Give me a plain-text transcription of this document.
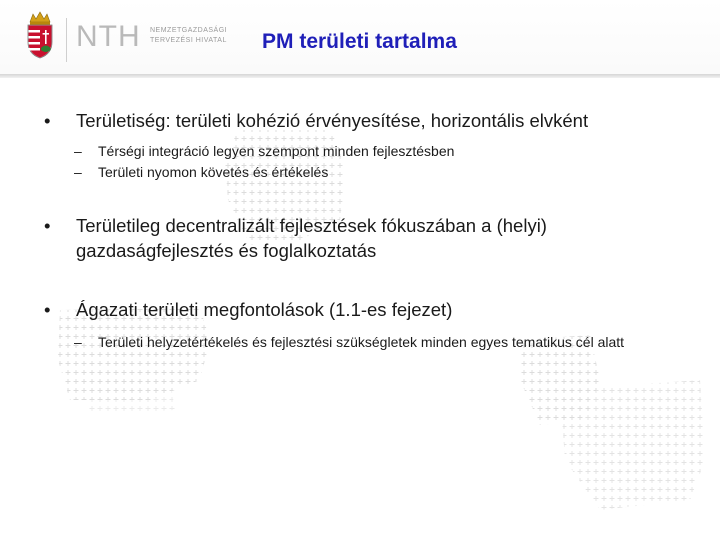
NTH NEMZETGAZDASÁGI
TERVEZÉSI HIVATAL	PM területi tartalma
• Területiség: területi kohézió érvényesítése, horizontális elvként
– Térségi integráció legyen szempont minden fejlesztésben
– Területi nyomon követés és értékelés
• Területileg decentralizált fejlesztések fókuszában a (helyi) gazdaságfejlesztés és foglalkoztatás
• Ágazati területi megfontolások (1.1-es fejezet)
– Területi helyzetértékelés és fejlesztési szükségletek minden egyes tematikus cél alatt
